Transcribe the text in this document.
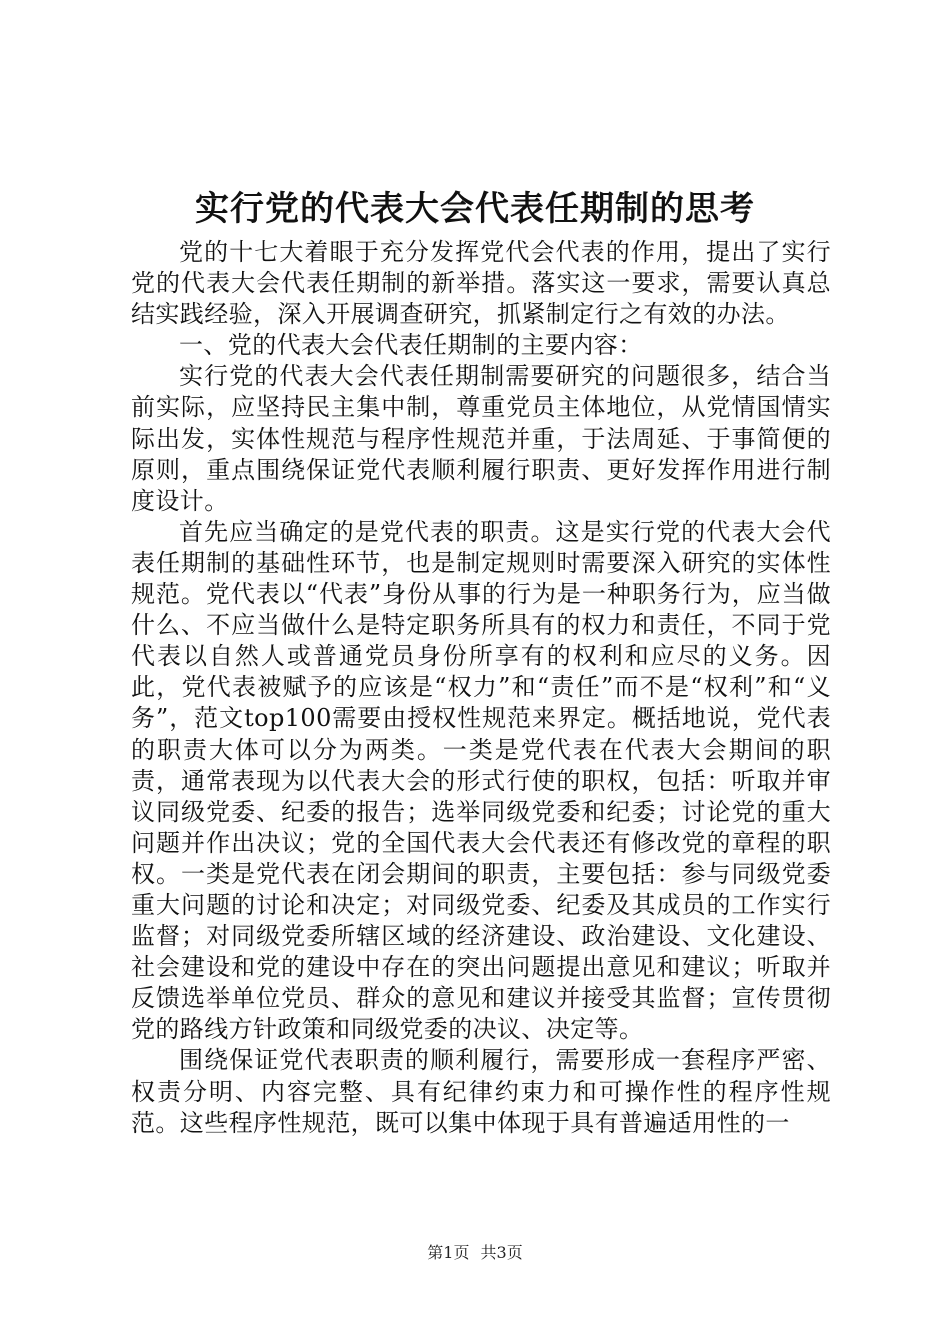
实行党的代表大会代表任期制的思考

党的十七大着眼于充分发挥党代会代表的作用，提出了实行党的代表大会代表任期制的新举措。落实这一要求，需要认真总结实践经验，深入开展调查研究，抓紧制定行之有效的办法。

一、党的代表大会代表任期制的主要内容：

实行党的代表大会代表任期制需要研究的问题很多，结合当前实际，应坚持民主集中制，尊重党员主体地位，从党情国情实际出发，实体性规范与程序性规范并重，于法周延、于事简便的原则，重点围绕保证党代表顺利履行职责、更好发挥作用进行制度设计。

首先应当确定的是党代表的职责。这是实行党的代表大会代表任期制的基础性环节，也是制定规则时需要深入研究的实体性规范。党代表以“代表”身份从事的行为是一种职务行为，应当做什么、不应当做什么是特定职务所具有的权力和责任，不同于党代表以自然人或普通党员身份所享有的权利和应尽的义务。因此，党代表被赋予的应该是“权力”和“责任”而不是“权利”和“义务”，范文top100需要由授权性规范来界定。概括地说，党代表的职责大体可以分为两类。一类是党代表在代表大会期间的职责，通常表现为以代表大会的形式行使的职权，包括：听取并审议同级党委、纪委的报告；选举同级党委和纪委；讨论党的重大问题并作出决议；党的全国代表大会代表还有修改党的章程的职权。一类是党代表在闭会期间的职责，主要包括：参与同级党委重大问题的讨论和决定；对同级党委、纪委及其成员的工作实行监督；对同级党委所辖区域的经济建设、政治建设、文化建设、社会建设和党的建设中存在的突出问题提出意见和建议；听取并反馈选举单位党员、群众的意见和建议并接受其监督；宣传贯彻党的路线方针政策和同级党委的决议、决定等。

围绕保证党代表职责的顺利履行，需要形成一套程序严密、权责分明、内容完整、具有纪律约束力和可操作性的程序性规范。这些程序性规范，既可以集中体现于具有普遍适用性的一

第1页 共3页
